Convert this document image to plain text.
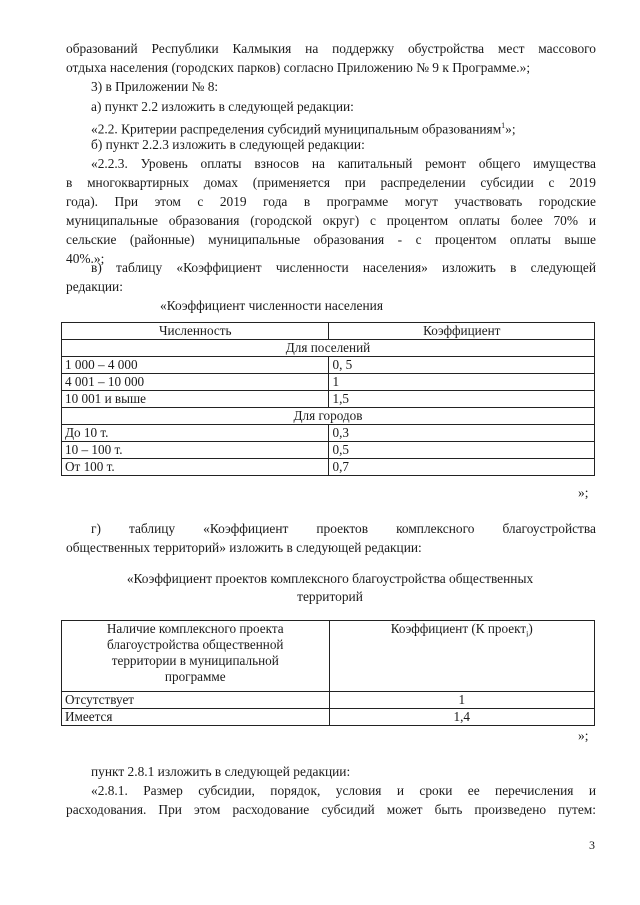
образований Республики Калмыкия на поддержку обустройства мест массового

отдыха населения (городских парков) согласно Приложению № 9 к Программе.»;

3) в Приложении № 8:

а) пункт 2.2 изложить в следующей редакции:

«2.2. Критерии распределения субсидий муниципальным образованиям$^1$»;

б) пункт 2.2.3 изложить в следующей редакции:

«2.2.3. Уровень оплаты взносов на капитальный ремонт общего имущества

в многоквартирных домах (применяется при распределении субсидии с 2019

года). При этом с 2019 года в программе могут участвовать городские

муниципальные образования (городской округ) с процентом оплаты более 70% и

сельские (районные) муниципальные образования - с процентом оплаты выше

40%.»;

в) таблицу «Коэффициент численности населения» изложить в следующей

редакции:

«Коэффициент численности населения

Численность	Коэффициент
Для поселений	
1 000 – 4 000	0, 5
4 001 – 10 000	1
10 001 и выше	1,5
Для городов	
До 10 т.	0,3
10 – 100 т.	0,5
От 100 т.	0,7
»;

г) таблицу «Коэффициент проектов комплексного благоустройства

общественных территорий» изложить в следующей редакции:

«Коэффициент проектов комплексного благоустройства общественных

территорий

Наличие комплексного проекта
благоустройства общественной
территории в муниципальной
программе	Коэффициент (К проект$_i$)
Отсутствует	1
Имеется	1,4
»;

пункт 2.8.1 изложить в следующей редакции:

«2.8.1. Размер субсидии, порядок, условия и сроки ее перечисления и

расходования. При этом расходование субсидий может быть произведено путем:

3
